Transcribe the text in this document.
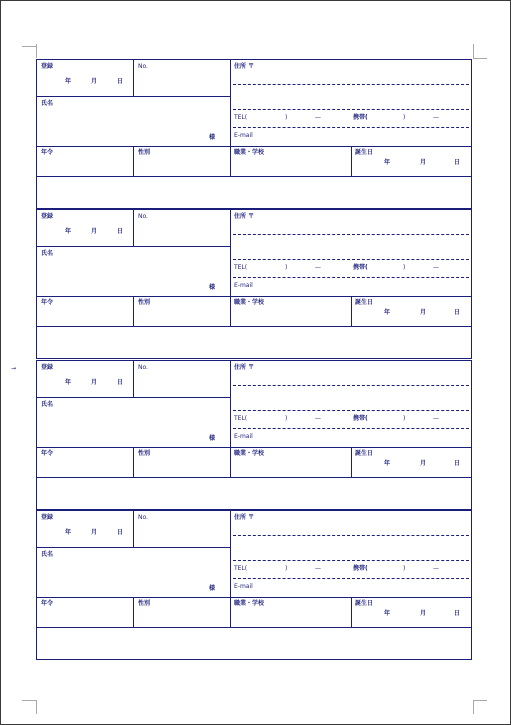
→
登録
年	月	日
No.	住所 〒
氏名
様
TEL(	)	—	携帯(	)	—
E-mail
年令	性別	職業・学校	誕生日
年	月	日
登録
年	月	日
No.	住所 〒
氏名
様
TEL(	)	—	携帯(	)	—
E-mail
年令	性別	職業・学校	誕生日
年	月	日
登録
年	月	日
No.	住所 〒
氏名
様
TEL(	)	—	携帯(	)	—
E-mail
年令	性別	職業・学校	誕生日
年	月	日
登録
年	月	日
No.	住所 〒
氏名
様
TEL(	)	—	携帯(	)	—
E-mail
年令	性別	職業・学校	誕生日
年	月	日
